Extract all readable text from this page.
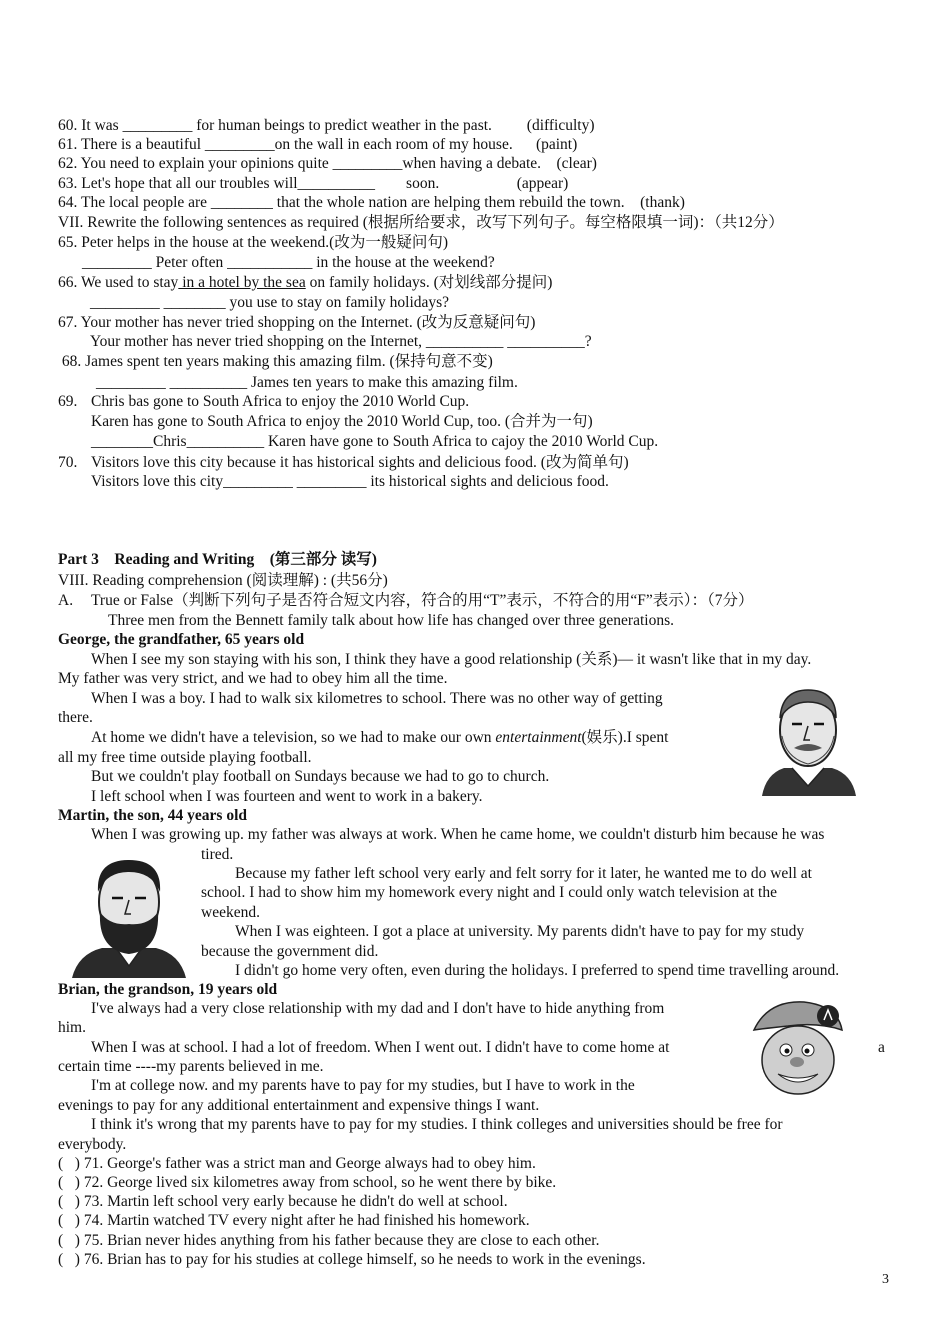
60. It was _________ for human beings to predict weather in the past.         (difficulty)
61. There is a beautiful _________on the wall in each room of my house.      (paint)
62. You need to explain your opinions quite _________when having a debate.    (clear)
63. Let's hope that all our troubles will__________        soon.                    (appear)
64. The local people are ________ that the whole nation are helping them rebuild the town.    (thank)
VII. Rewrite the following sentences as required (根据所给要求，改写下列句子。每空格限填一词)：（共12分）
65. Peter helps in the house at the weekend.(改为一般疑问句)
_________ Peter often ___________ in the house at the weekend?
66. We used to stay in a hotel by the sea on family holidays. (对划线部分提问)
_________ ________ you use to stay on family holidays?
67. Your mother has never tried shopping on the Internet. (改为反意疑问句)
Your mother has never tried shopping on the Internet, __________ __________?
68. James spent ten years making this amazing film. (保持句意不变)
_________ __________ James ten years to make this amazing film.
69. Chris bas gone to South Africa to enjoy the 2010 World Cup.
Karen has gone to South Africa to enjoy the 2010 World Cup, too. (合并为一句)
________Chris__________ Karen have gone to South Africa to cajoy the 2010 World Cup.
70. Visitors love this city because it has historical sights and delicious food. (改为简单句)
Visitors love this city_________ _________ its historical sights and delicious food.
Part 3    Reading and Writing    (第三部分 读写)
VIII. Reading comprehension (阅读理解) : (共56分)
A. True or False（判断下列句子是否符合短文内容，符合的用“T”表示，不符合的用“F”表示）：（7分）
Three men from the Bennett family talk about how life has changed over three generations.
George, the grandfather, 65 years old
When I see my son staying with his son, I think they have a good relationship (关系)— it wasn't like that in my day.
My father was very strict, and we had to obey him all the time.
When I was a boy. I had to walk six kilometres to school. There was no other way of getting
there.
At home we didn't have a television, so we had to make our own entertainment(娱乐).I spent
all my free time outside playing football.
But we couldn't play football on Sundays because we had to go to church.
I left school when I was fourteen and went to work in a bakery.
Martin, the son, 44 years old
When I was growing up. my father was always at work. When he came home, we couldn't disturb him because he was
tired.
Because my father left school very early and felt sorry for it later, he wanted me to do well at
school. I had to show him my homework every night and I could only watch television at the
weekend.
When I was eighteen. I got a place at university. My parents didn't have to pay for my study
because the government did.
I didn't go home very often, even during the holidays. I preferred to spend time travelling around.
Brian, the grandson, 19 years old
I've always had a very close relationship with my dad and I don't have to hide anything from
him.
When I was at school. I had a lot of freedom. When I went out. I didn't have to come home at	a
certain time ----my parents believed in me.
I'm at college now. and my parents have to pay for my studies, but I have to work in the
evenings to pay for any additional entertainment and expensive things I want.
I think it's wrong that my parents have to pay for my studies. I think colleges and universities should be free for
everybody.
(   ) 71. George's father was a strict man and George always had to obey him.
(   ) 72. George lived six kilometres away from school, so he went there by bike.
(   ) 73. Martin left school very early because he didn't do well at school.
(   ) 74. Martin watched TV every night after he had finished his homework.
(   ) 75. Brian never hides anything from his father because they are close to each other.
(   ) 76. Brian has to pay for his studies at college himself, so he needs to work in the evenings.
3
